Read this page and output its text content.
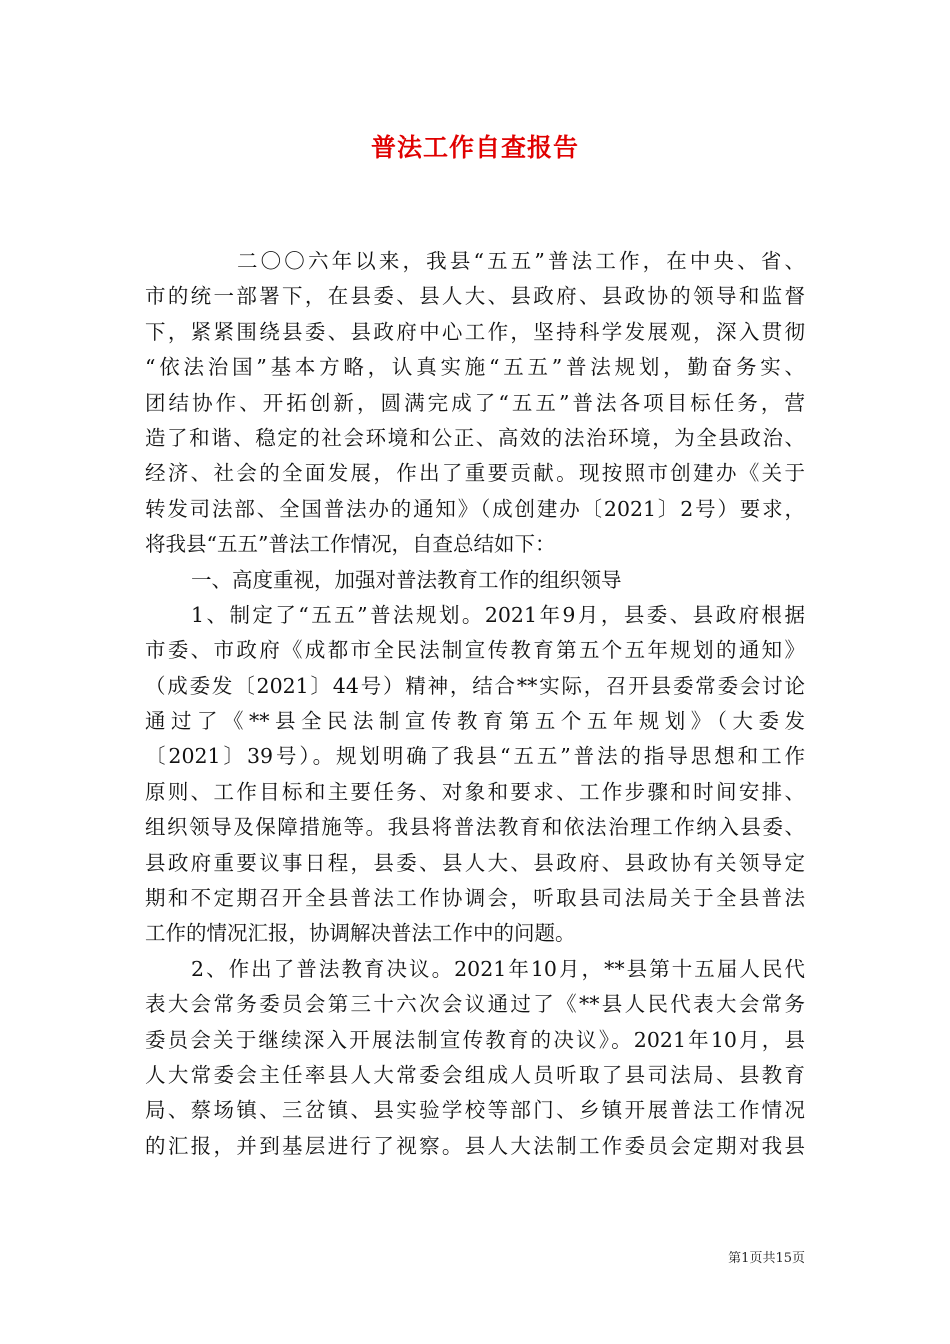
普法工作自查报告
二〇〇六年以来，我县“五五”普法工作，在中央、省、
市的统一部署下，在县委、县人大、县政府、县政协的领导和监督
下，紧紧围绕县委、县政府中心工作，坚持科学发展观，深入贯彻
“依法治国”基本方略，认真实施“五五”普法规划，勤奋务实、
团结协作、开拓创新，圆满完成了“五五”普法各项目标任务，营
造了和谐、稳定的社会环境和公正、高效的法治环境，为全县政治、
经济、社会的全面发展，作出了重要贡献。现按照市创建办《关于
转发司法部、全国普法办的通知》（成创建办〔2021〕2号）要求，
将我县“五五”普法工作情况，自查总结如下：
一、高度重视，加强对普法教育工作的组织领导
1、制定了“五五”普法规划。2021年9月，县委、县政府根据
市委、市政府《成都市全民法制宣传教育第五个五年规划的通知》
（成委发〔2021〕44号）精神，结合**实际，召开县委常委会讨论
通过了《**县全民法制宣传教育第五个五年规划》（大委发
〔2021〕39号）。规划明确了我县“五五”普法的指导思想和工作
原则、工作目标和主要任务、对象和要求、工作步骤和时间安排、
组织领导及保障措施等。我县将普法教育和依法治理工作纳入县委、
县政府重要议事日程，县委、县人大、县政府、县政协有关领导定
期和不定期召开全县普法工作协调会，听取县司法局关于全县普法
工作的情况汇报，协调解决普法工作中的问题。
2、作出了普法教育决议。2021年10月，**县第十五届人民代
表大会常务委员会第三十六次会议通过了《**县人民代表大会常务
委员会关于继续深入开展法制宣传教育的决议》。2021年10月，县
人大常委会主任率县人大常委会组成人员听取了县司法局、县教育
局、蔡场镇、三岔镇、县实验学校等部门、乡镇开展普法工作情况
的汇报，并到基层进行了视察。县人大法制工作委员会定期对我县
第1页共15页
